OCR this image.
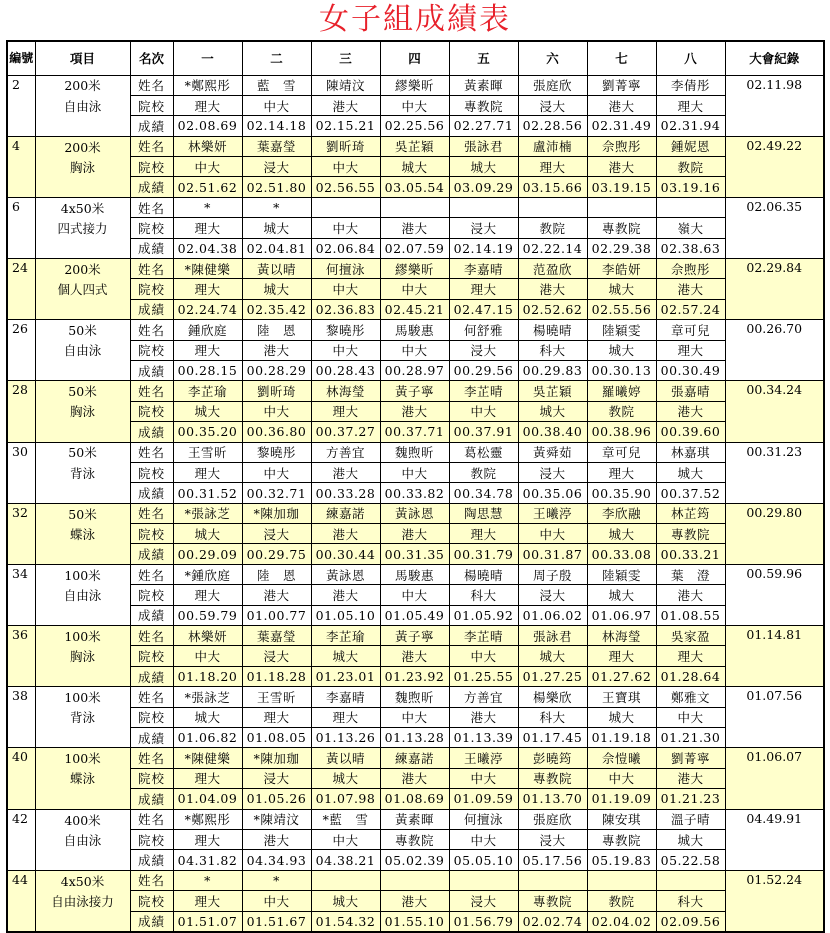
女子組成績表
編號	項目	名次	一	二	三	四	五	六	七	八	大會紀錄
2	200米	姓名	*鄭熙彤	藍　雪	陳靖汶	繆樂昕	黃素暉	張庭欣	劉菁寧	李倩彤	02.11.98
	自由泳	院校	理大	中大	港大	中大	專教院	浸大	港大	理大	
		成績	02.08.69	02.14.18	02.15.21	02.25.56	02.27.71	02.28.56	02.31.49	02.31.94	
4	200米	姓名	林樂妍	葉嘉瑩	劉昕琦	吳芷穎	張詠君	盧沛楠	佘煦彤	鍾妮恩	02.49.22
	胸泳	院校	中大	浸大	中大	城大	城大	理大	港大	教院	
		成績	02.51.62	02.51.80	02.56.55	03.05.54	03.09.29	03.15.66	03.19.15	03.19.16	
6	4x50米	姓名	*	*							02.06.35
	四式接力	院校	理大	城大	中大	港大	浸大	教院	專教院	嶺大	
		成績	02.04.38	02.04.81	02.06.84	02.07.59	02.14.19	02.22.14	02.29.38	02.38.63	
24	200米	姓名	*陳健樂	黃以晴	何擅泳	繆樂昕	李嘉晴	范盈欣	李皓妍	佘煦彤	02.29.84
	個人四式	院校	理大	城大	中大	中大	理大	港大	城大	港大	
		成績	02.24.74	02.35.42	02.36.83	02.45.21	02.47.15	02.52.62	02.55.56	02.57.24	
26	50米	姓名	鍾欣庭	陸　恩	黎曉彤	馬駿惠	何舒雅	楊曉晴	陸穎雯	章可兒	00.26.70
	自由泳	院校	理大	港大	中大	中大	浸大	科大	城大	理大	
		成績	00.28.15	00.28.29	00.28.43	00.28.97	00.29.56	00.29.83	00.30.13	00.30.49	
28	50米	姓名	李芷瑜	劉昕琦	林海瑩	黃子寧	李芷晴	吳芷穎	羅曦婷	張嘉晴	00.34.24
	胸泳	院校	城大	中大	理大	港大	中大	城大	教院	港大	
		成績	00.35.20	00.36.80	00.37.27	00.37.71	00.37.91	00.38.40	00.38.96	00.39.60	
30	50米	姓名	王雪昕	黎曉彤	方善宜	魏煦昕	葛松靈	黃舜茹	章可兒	林嘉琪	00.31.23
	背泳	院校	理大	中大	港大	中大	教院	浸大	理大	城大	
		成績	00.31.52	00.32.71	00.33.28	00.33.82	00.34.78	00.35.06	00.35.90	00.37.52	
32	50米	姓名	*張詠芝	*陳加珈	練嘉諾	黃詠恩	陶思慧	王曦渟	李欣融	林芷筠	00.29.80
	蝶泳	院校	城大	浸大	港大	港大	理大	中大	城大	專教院	
		成績	00.29.09	00.29.75	00.30.44	00.31.35	00.31.79	00.31.87	00.33.08	00.33.21	
34	100米	姓名	*鍾欣庭	陸　恩	黃詠恩	馬駿惠	楊曉晴	周子殷	陸穎雯	葉　澄	00.59.96
	自由泳	院校	理大	港大	港大	中大	科大	浸大	城大	港大	
		成績	00.59.79	01.00.77	01.05.10	01.05.49	01.05.92	01.06.02	01.06.97	01.08.55	
36	100米	姓名	林樂妍	葉嘉瑩	李芷瑜	黃子寧	李芷晴	張詠君	林海瑩	吳家盈	01.14.81
	胸泳	院校	中大	浸大	城大	港大	中大	城大	理大	理大	
		成績	01.18.20	01.18.28	01.23.01	01.23.92	01.25.55	01.27.25	01.27.62	01.28.64	
38	100米	姓名	*張詠芝	王雪昕	李嘉晴	魏煦昕	方善宜	楊樂欣	王寶琪	鄭雅文	01.07.56
	背泳	院校	城大	理大	理大	中大	港大	科大	城大	中大	
		成績	01.06.82	01.08.05	01.13.26	01.13.28	01.13.39	01.17.45	01.19.18	01.21.30	
40	100米	姓名	*陳健樂	*陳加珈	黃以晴	練嘉諾	王曦渟	彭曉筠	佘愷曦	劉菁寧	01.06.07
	蝶泳	院校	理大	浸大	城大	港大	中大	專教院	中大	港大	
		成績	01.04.09	01.05.26	01.07.98	01.08.69	01.09.59	01.13.70	01.19.09	01.21.23	
42	400米	姓名	*鄭熙彤	*陳靖汶	*藍　雪	黃素暉	何擅泳	張庭欣	陳安琪	溫子晴	04.49.91
	自由泳	院校	理大	港大	中大	專教院	中大	浸大	專教院	城大	
		成績	04.31.82	04.34.93	04.38.21	05.02.39	05.05.10	05.17.56	05.19.83	05.22.58	
44	4x50米	姓名	*	*							01.52.24
	自由泳接力	院校	理大	中大	城大	港大	浸大	專教院	教院	科大	
		成績	01.51.07	01.51.67	01.54.32	01.55.10	01.56.79	02.02.74	02.04.02	02.09.56	
